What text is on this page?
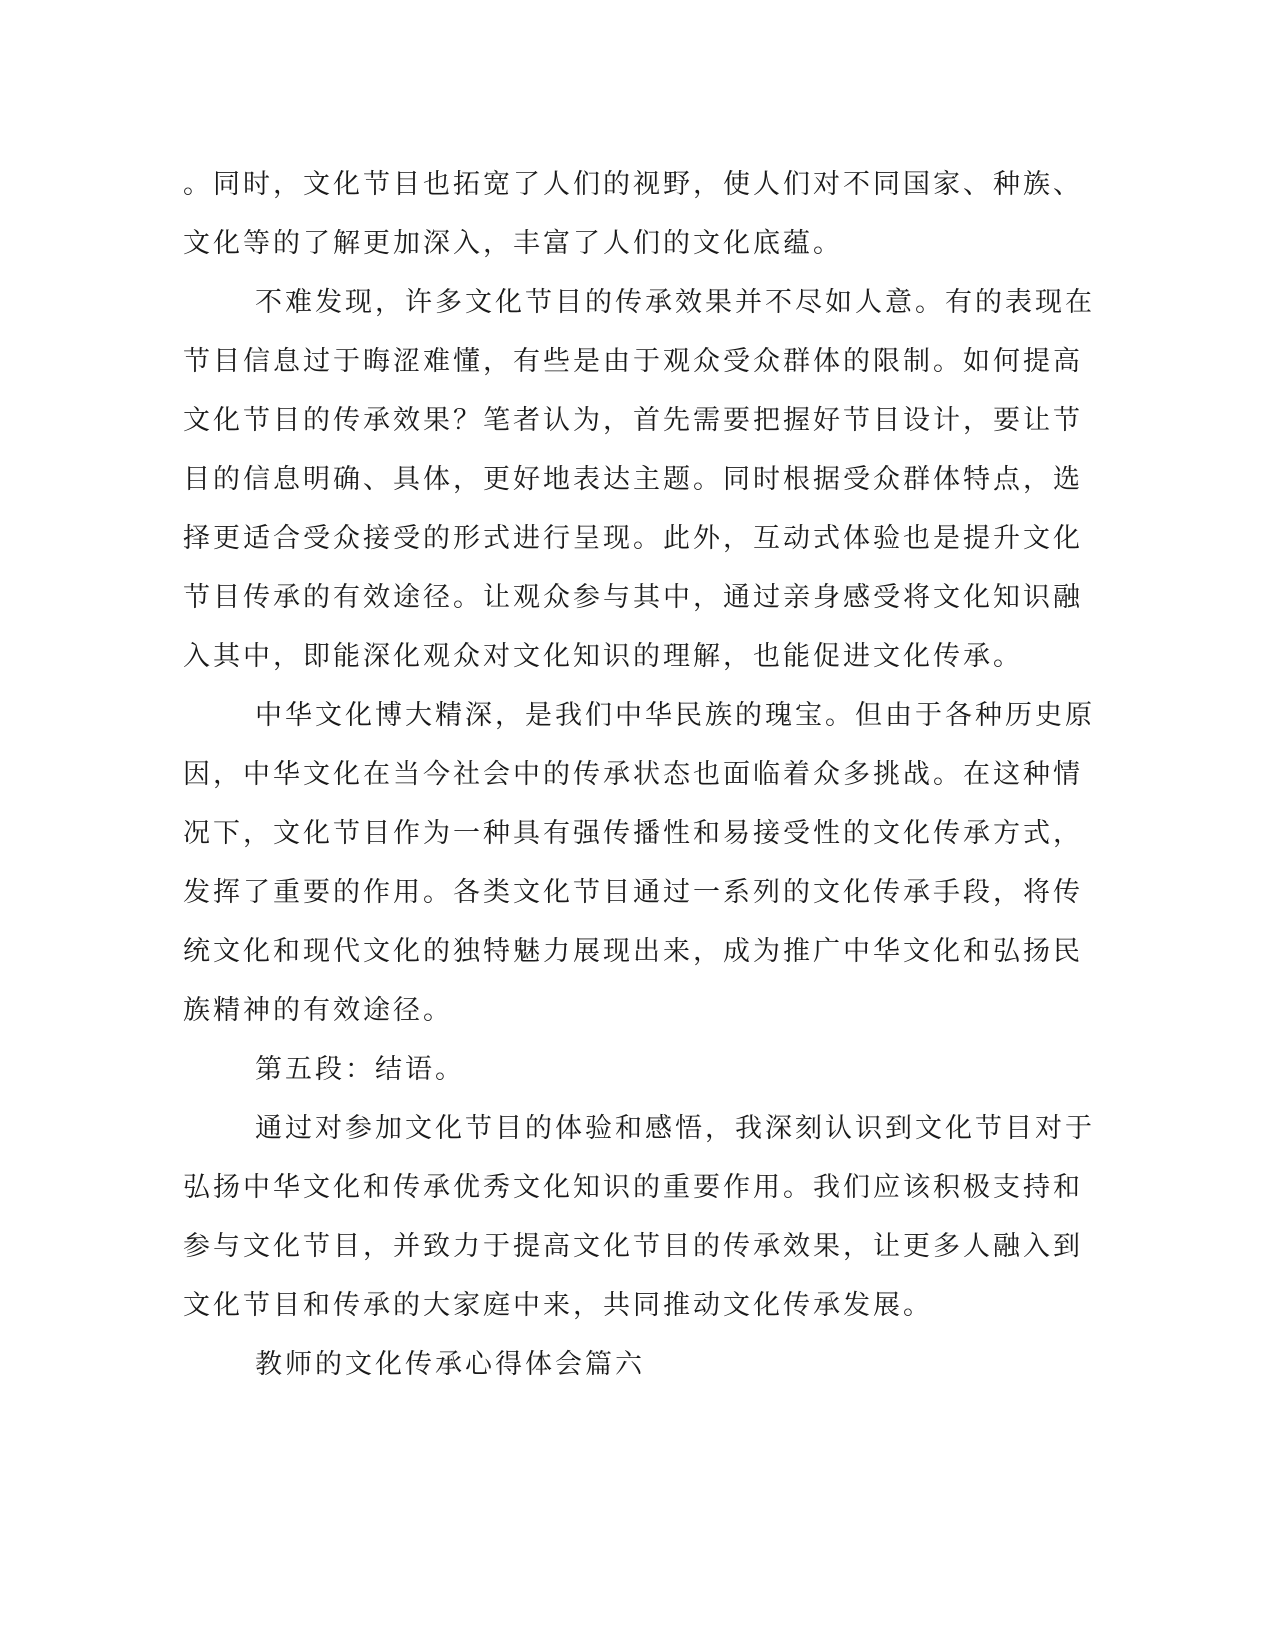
。同时，文化节目也拓宽了人们的视野，使人们对不同国家、种族、
文化等的了解更加深入，丰富了人们的文化底蕴。
不难发现，许多文化节目的传承效果并不尽如人意。有的表现在
节目信息过于晦涩难懂，有些是由于观众受众群体的限制。如何提高
文化节目的传承效果？笔者认为，首先需要把握好节目设计，要让节
目的信息明确、具体，更好地表达主题。同时根据受众群体特点，选
择更适合受众接受的形式进行呈现。此外，互动式体验也是提升文化
节目传承的有效途径。让观众参与其中，通过亲身感受将文化知识融
入其中，即能深化观众对文化知识的理解，也能促进文化传承。
中华文化博大精深，是我们中华民族的瑰宝。但由于各种历史原
因，中华文化在当今社会中的传承状态也面临着众多挑战。在这种情
况下，文化节目作为一种具有强传播性和易接受性的文化传承方式，
发挥了重要的作用。各类文化节目通过一系列的文化传承手段，将传
统文化和现代文化的独特魅力展现出来，成为推广中华文化和弘扬民
族精神的有效途径。
第五段：结语。
通过对参加文化节目的体验和感悟，我深刻认识到文化节目对于
弘扬中华文化和传承优秀文化知识的重要作用。我们应该积极支持和
参与文化节目，并致力于提高文化节目的传承效果，让更多人融入到
文化节目和传承的大家庭中来，共同推动文化传承发展。
教师的文化传承心得体会篇六
